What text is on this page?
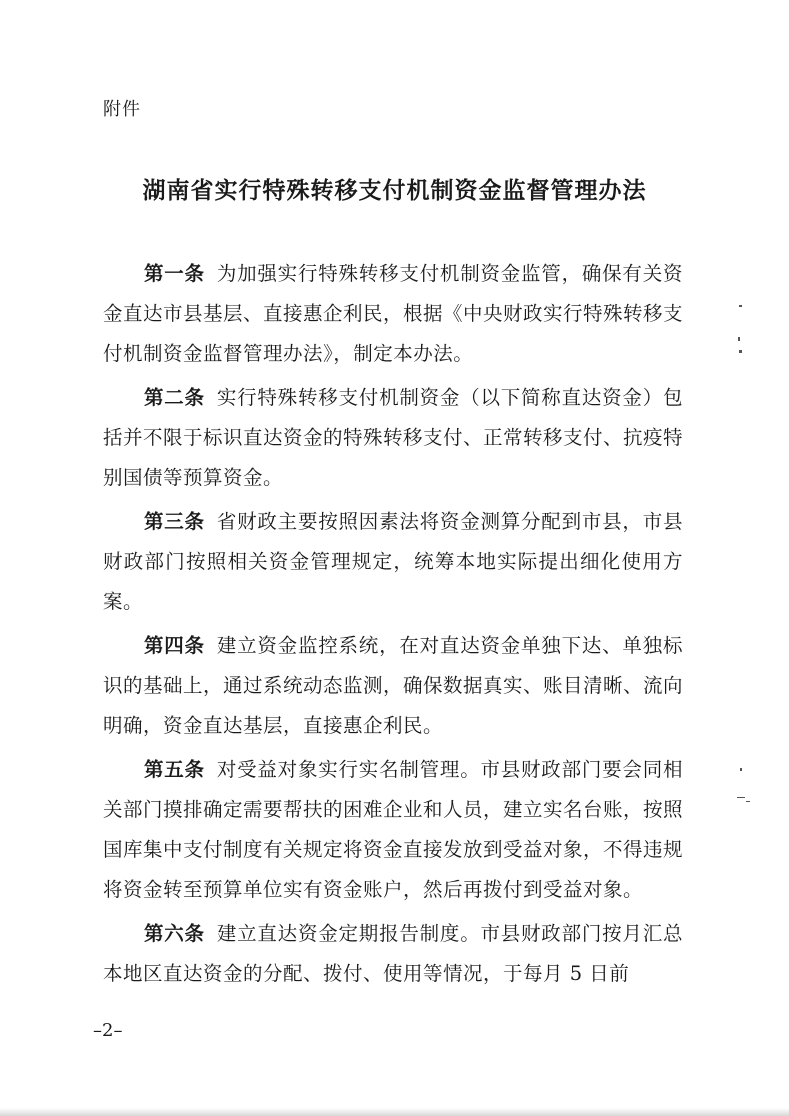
附件
湖南省实行特殊转移支付机制资金监督管理办法

第一条 为加强实行特殊转移支付机制资金监管，确保有关资金直达市县基层、直接惠企利民，根据《中央财政实行特殊转移支付机制资金监督管理办法》，制定本办法。

第二条 实行特殊转移支付机制资金（以下简称直达资金）包括并不限于标识直达资金的特殊转移支付、正常转移支付、抗疫特别国债等预算资金。

第三条 省财政主要按照因素法将资金测算分配到市县，市县财政部门按照相关资金管理规定，统筹本地实际提出细化使用方案。

第四条 建立资金监控系统，在对直达资金单独下达、单独标识的基础上，通过系统动态监测，确保数据真实、账目清晰、流向明确，资金直达基层，直接惠企利民。

第五条 对受益对象实行实名制管理。市县财政部门要会同相关部门摸排确定需要帮扶的困难企业和人员，建立实名台账，按照国库集中支付制度有关规定将资金直接发放到受益对象，不得违规将资金转至预算单位实有资金账户，然后再拨付到受益对象。

第六条 建立直达资金定期报告制度。市县财政部门按月汇总本地区直达资金的分配、拨付、使用等情况，于每月 5 日前

–2–
